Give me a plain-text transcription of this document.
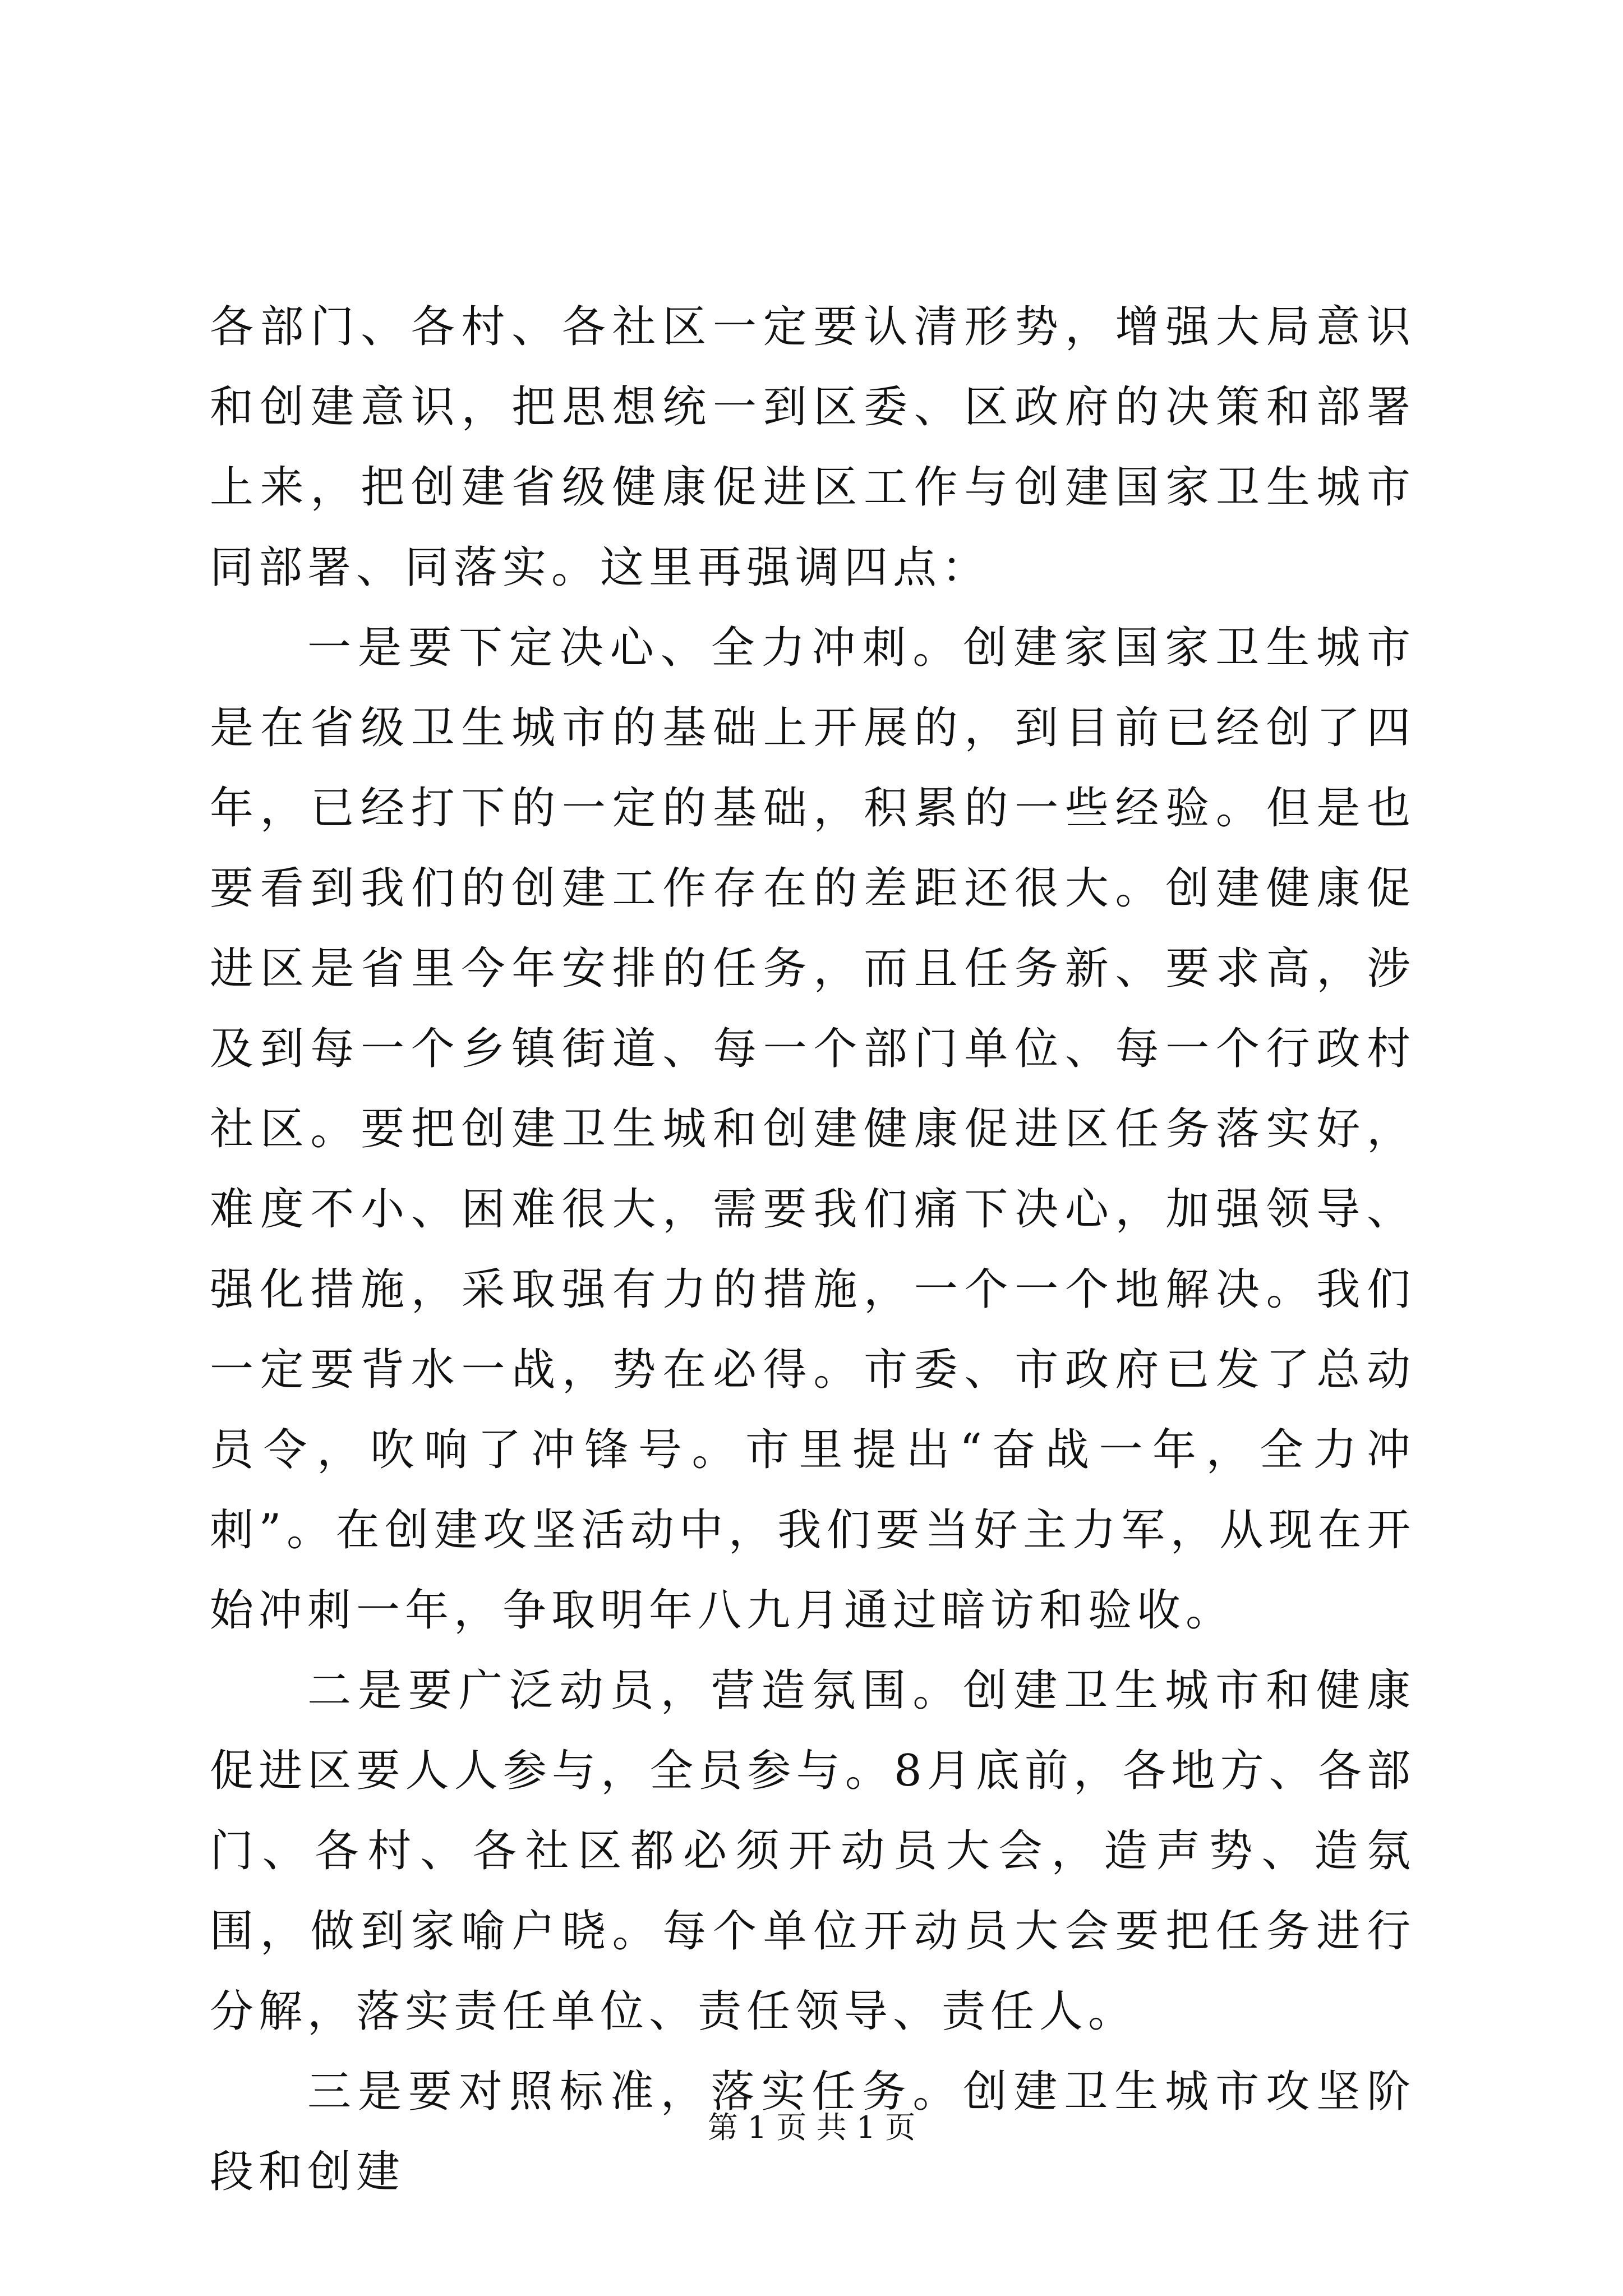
各部门、各村、各社区一定要认清形势，增强大局意识和创建意识，把思想统一到区委、区政府的决策和部署上来，把创建省级健康促进区工作与创建国家卫生城市同部署、同落实。这里再强调四点：

一是要下定决心、全力冲刺。创建家国家卫生城市是在省级卫生城市的基础上开展的，到目前已经创了四年，已经打下的一定的基础，积累的一些经验。但是也要看到我们的创建工作存在的差距还很大。创建健康促进区是省里今年安排的任务，而且任务新、要求高，涉及到每一个乡镇街道、每一个部门单位、每一个行政村社区。要把创建卫生城和创建健康促进区任务落实好，难度不小、困难很大，需要我们痛下决心，加强领导、强化措施，采取强有力的措施，一个一个地解决。我们一定要背水一战，势在必得。市委、市政府已发了总动员令，吹响了冲锋号。市里提出“奋战一年，全力冲刺”。在创建攻坚活动中，我们要当好主力军，从现在开始冲刺一年，争取明年八九月通过暗访和验收。

二是要广泛动员，营造氛围。创建卫生城市和健康促进区要人人参与，全员参与。8月底前，各地方、各部门、各村、各社区都必须开动员大会，造声势、造氛围，做到家喻户晓。每个单位开动员大会要把任务进行分解，落实责任单位、责任领导、责任人。

三是要对照标准，落实任务。创建卫生城市攻坚阶段和创建

第 1 页 共 1 页
